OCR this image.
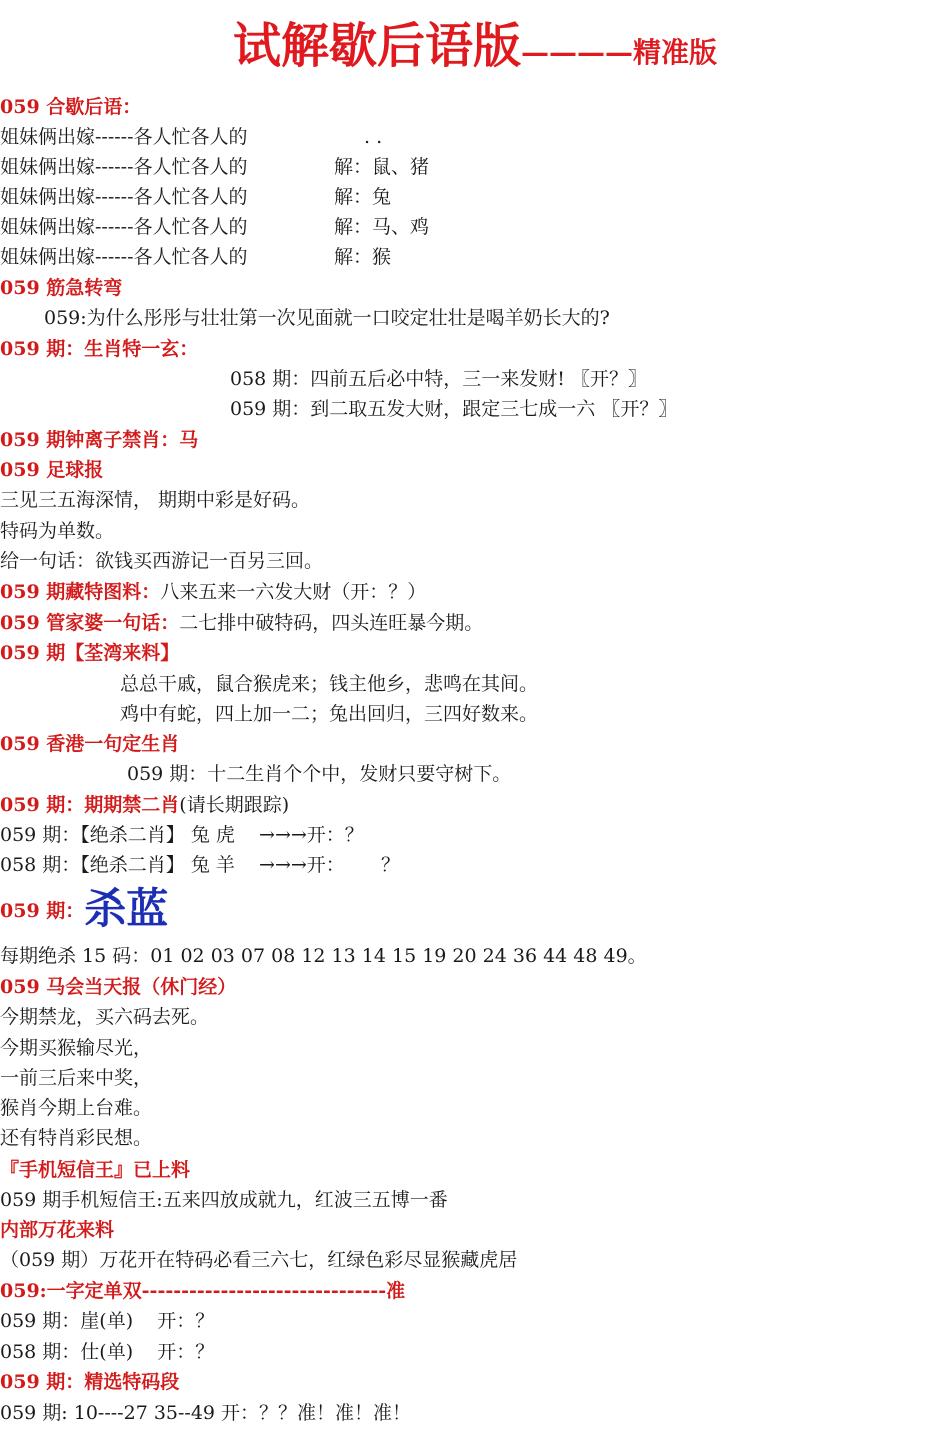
试解歇后语版————精准版
059 合歇后语：
姐妹俩出嫁------各人忙各人的	. .
姐妹俩出嫁------各人忙各人的	解：鼠、猪
姐妹俩出嫁------各人忙各人的	解：兔
姐妹俩出嫁------各人忙各人的	解：马、鸡
姐妹俩出嫁------各人忙各人的	解：猴
059 筋急转弯
059:为什么彤彤与壮壮第一次见面就一口咬定壮壮是喝羊奶长大的?
059 期：生肖特一玄：
058 期：四前五后必中特，三一来发财! 〖开？〗
059 期：到二取五发大财，跟定三七成一六 〖开？〗
059 期钟离子禁肖：马
059 足球报
三见三五海深情， 期期中彩是好码。
特码为单数。
给一句话：欲钱买西游记一百另三回。
059 期藏特图料：八来五来一六发大财（开：？）
059 管家婆一句话：二七排中破特码，四头连旺暴今期。
059 期【荃湾来料】
总总干戚，鼠合猴虎来；钱主他乡，悲鸣在其间。
鸡中有蛇，四上加一二；兔出回归，三四好数来。
059 香港一句定生肖
059 期：十二生肖个个中，发财只要守树下。
059 期：期期禁二肖(请长期跟踪)
059 期：【绝杀二肖】 兔 虎    →→→开：？
058 期：【绝杀二肖】 兔 羊    →→→开：      ？
059 期：杀蓝
每期绝杀 15 码：01 02 03 07 08 12 13 14 15 19 20 24 36 44 48 49。
059 马会当天报（休门经）
今期禁龙，买六码去死。
今期买猴输尽光，
一前三后来中奖，
猴肖今期上台难。
还有特肖彩民想。
『手机短信王』已上料
059 期手机短信王:五来四放成就九，红波三五博一番
内部万花来料
（059 期）万花开在特码必看三六七，红绿色彩尽显猴藏虎居
059:一字定单双-------------------------------准
059 期：崖(单)    开：？
058 期：仕(单)    开：？
059 期：精选特码段
059 期: 10----27 35--49 开：？？准！准！准！
